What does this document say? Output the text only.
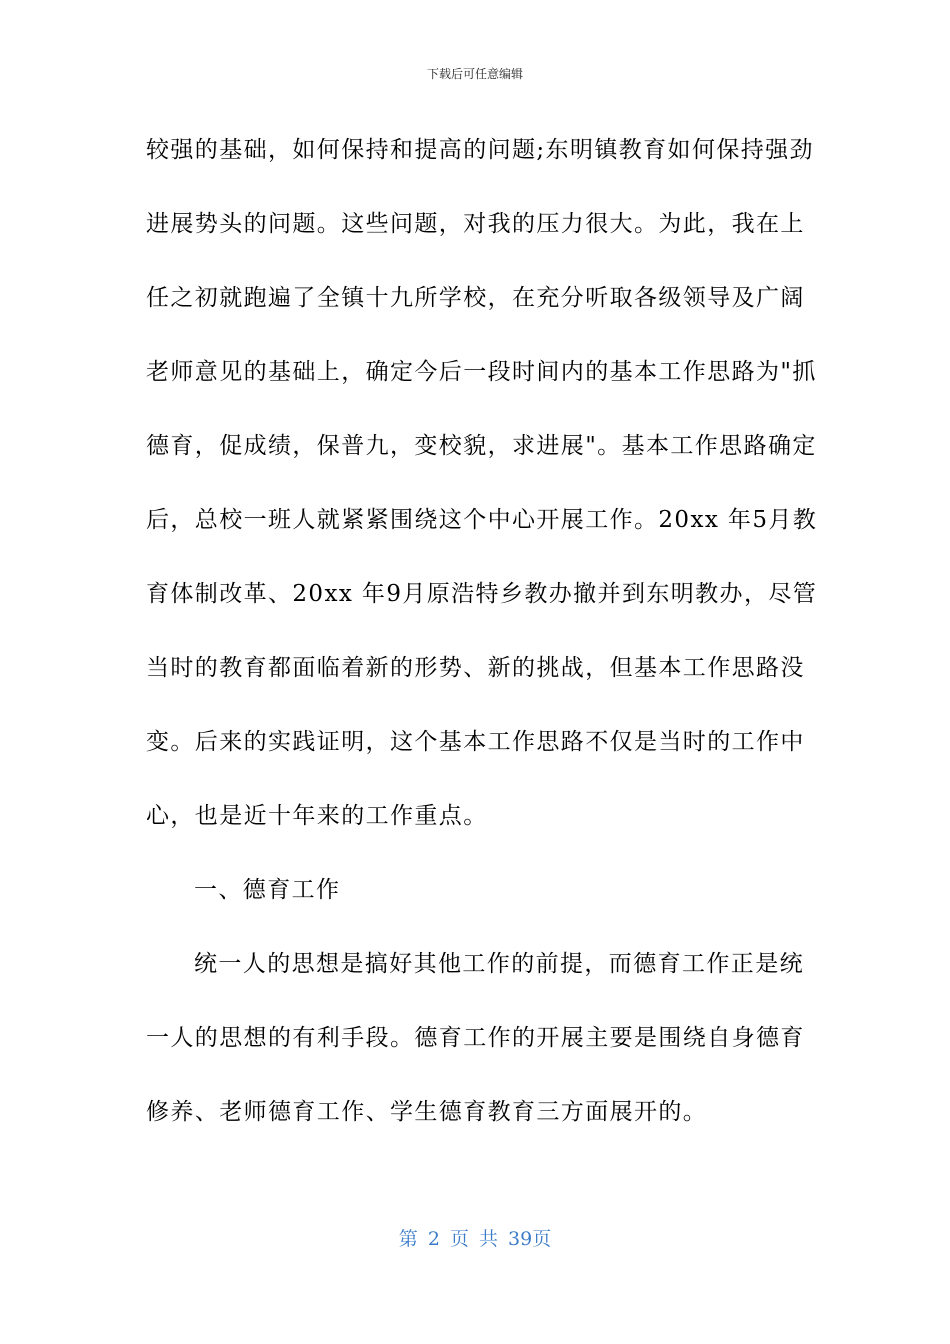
下载后可任意编辑
较强的基础，如何保持和提高的问题;东明镇教育如何保持强劲
进展势头的问题。这些问题，对我的压力很大。为此，我在上
任之初就跑遍了全镇十九所学校，在充分听取各级领导及广阔
老师意见的基础上，确定今后一段时间内的基本工作思路为"抓
德育，促成绩，保普九，变校貌，求进展"。基本工作思路确定
后，总校一班人就紧紧围绕这个中心开展工作。20xx 年5月教
育体制改革、20xx 年9月原浩特乡教办撤并到东明教办，尽管
当时的教育都面临着新的形势、新的挑战，但基本工作思路没
变。后来的实践证明，这个基本工作思路不仅是当时的工作中
心，也是近十年来的工作重点。
一、德育工作
统一人的思想是搞好其他工作的前提，而德育工作正是统
一人的思想的有利手段。德育工作的开展主要是围绕自身德育
修养、老师德育工作、学生德育教育三方面展开的。
第 2 页 共 39页
